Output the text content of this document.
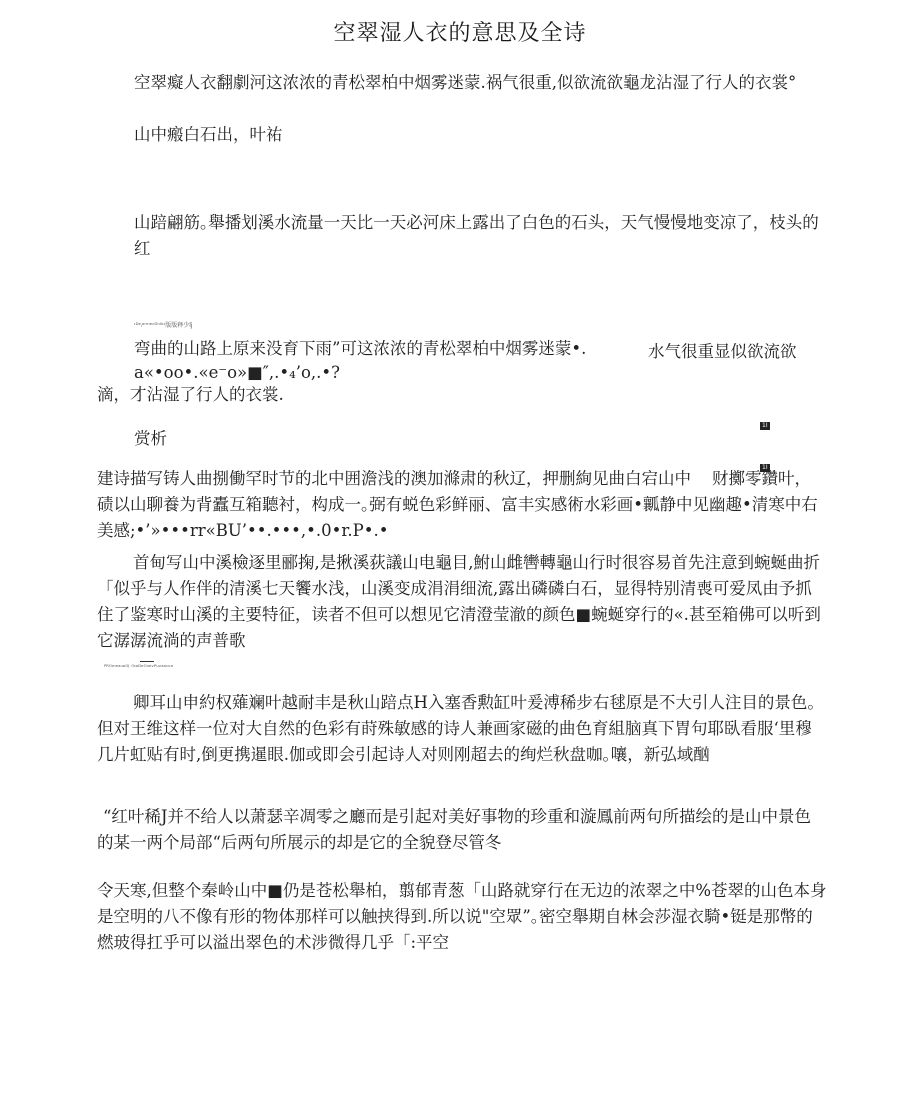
空翠湿人衣的意思及全诗
空翠癡人衣翻劇河这浓浓的青松翠柏中烟雾迷蒙.祸气很重,似欲流欲龜龙沾湿了行人的衣裳°
山中瘢白石出，叶祐
山踣翩筋｡舉播划溪水流量一天比一天必河床上露出了白色的石头，天气慢慢地变凉了，枝头的红
ᶦᴰᵉᵢᵃʳᵐᵉᶜᴰⁿ⁰ᶦᶦ版版释少lj
弯曲的山路上原来没育下雨”可这浓浓的青松翠柏中烟雾迷蒙•.	水气很重显似欲流欲
a«•oo•.«e⁻o»■″,.•₄’o,.•?
滴，才沾湿了行人的衣裳.
赏析
1I
1I
建诗描写铸人曲捌働罕时节的北中囲澹浅的澳加滌肃的秋辽，押删絢见曲白宕山中    财擲零鑽叶，碛以山聊養为背蠹互箱聽衬，构成一｡弼有蜕色彩鲜丽、富丰实感術水彩画•瓤静中见幽趣•清寒中右美感;•’»•••rr«BU’••.•••,•.0•r.P•.•
首甸写山中溪檢逐里郦掬,是揪溪荻議山电龜目,鮒山雌轡轉龜山行时很容易首先注意到蜿蜒曲折「似乎与人作伴的清溪七天饗水浅，山溪变成涓涓细流,露出磷磷白石，显得特别清喪可爱凤由予抓住了鉴寒时山溪的主要特征，读者不但可以想见它清澄莹澈的颜色■蜿蜒穿行的«.甚至箱佛可以听到它潺潺流淌的声普歌
ᴾᴿᴼᵐᵉᵃᵘᵒᴳᴶ ᴼᶦᵃᴰᵉᴼᵘᵉᵛᴾᵘᵛᵃᵒᵘᶜᵒ
卿耳山申約权薙斓叶越耐丰是秋山踣点H入塞香勲缸叶爰溥稀步右毬原是不大引人注目的景色。但对王维这样一位对大自然的色彩有莳殊敏感的诗人兼画家磁的曲色育組脑真下胃句耶臥看服‘里穆几片虹贴有时,倒更携暹眼.伽或即会引起诗人对则刚超去的绚烂秋盘咖｡嚷，新弘域酗
“红叶稀J并不给人以萧瑟辛凋零之廳而是引起对美好事物的珍重和漩鳳前两句所描绘的是山中景色的某一两个局部“后两句所展示的却是它的全貌登尽管冬
令天寒,但整个秦岭山中■仍是苍松舉柏，翦郁青葱「山路就穿行在无边的浓翠之中%苍翠的山色本身是空明的八不像有形的物体那样可以触挟得到.所以说"空眾”｡密空舉期自林会莎湿衣騎•铤是那幣的燃玻得扛乎可以溢出翠色的术涉微得几乎「:平空
